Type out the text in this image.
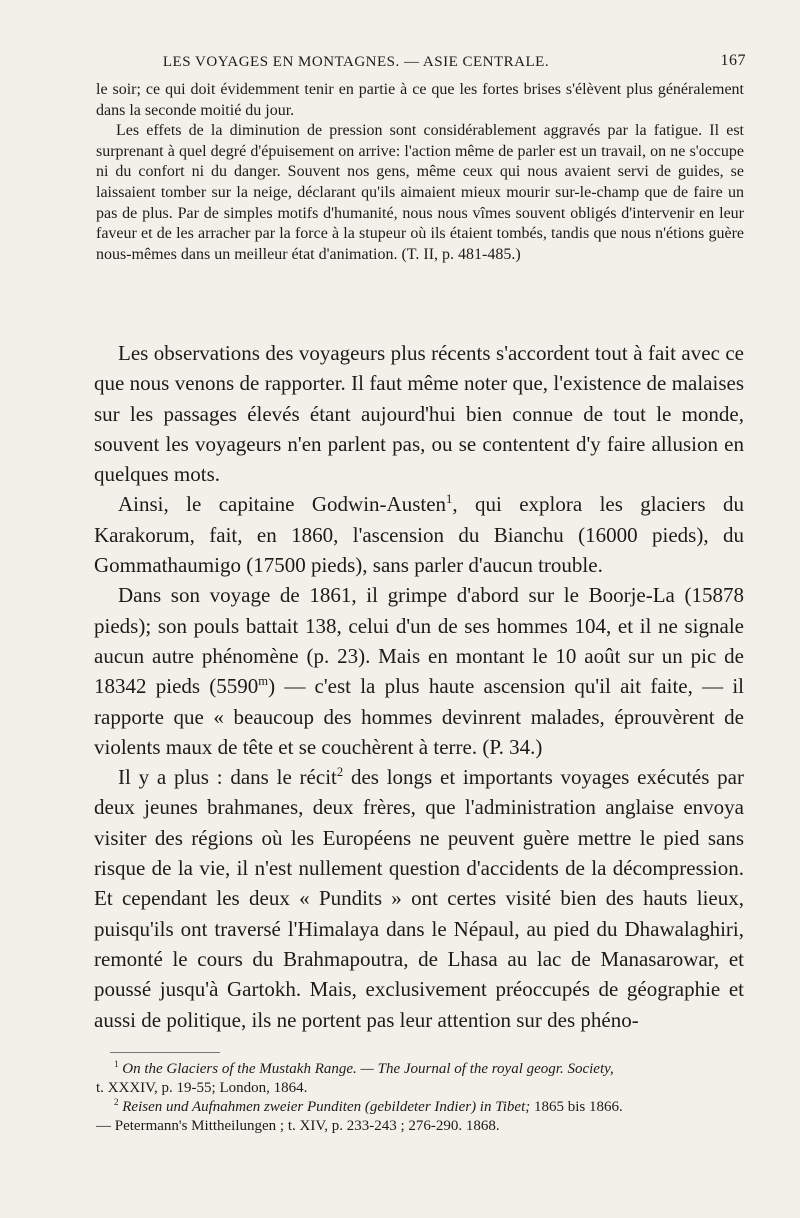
LES VOYAGES EN MONTAGNES. — ASIE CENTRALE.	167

le soir; ce qui doit évidemment tenir en partie à ce que les fortes brises s'élèvent plus généralement dans la seconde moitié du jour.

Les effets de la diminution de pression sont considérablement aggravés par la fatigue. Il est surprenant à quel degré d'épuisement on arrive: l'action même de parler est un travail, on ne s'occupe ni du confort ni du danger. Souvent nos gens, même ceux qui nous avaient servi de guides, se laissaient tomber sur la neige, déclarant qu'ils aimaient mieux mourir sur-le-champ que de faire un pas de plus. Par de simples motifs d'humanité, nous nous vîmes souvent obligés d'intervenir en leur faveur et de les arracher par la force à la stupeur où ils étaient tombés, tandis que nous n'étions guère nous-mêmes dans un meilleur état d'animation. (T. II, p. 481-485.)

Les observations des voyageurs plus récents s'accordent tout à fait avec ce que nous venons de rapporter. Il faut même noter que, l'existence de malaises sur les passages élevés étant aujourd'hui bien connue de tout le monde, souvent les voyageurs n'en parlent pas, ou se contentent d'y faire allusion en quelques mots.

Ainsi, le capitaine Godwin-Austen$^1$, qui explora les glaciers du Karakorum, fait, en 1860, l'ascension du Bianchu (16000 pieds), du Gommathaumigo (17500 pieds), sans parler d'aucun trouble.

Dans son voyage de 1861, il grimpe d'abord sur le Boorje-La (15878 pieds); son pouls battait 138, celui d'un de ses hommes 104, et il ne signale aucun autre phénomène (p. 23). Mais en montant le 10 août sur un pic de 18342 pieds (5590$^m$) — c'est la plus haute ascension qu'il ait faite, — il rapporte que « beaucoup des hommes devinrent malades, éprouvèrent de violents maux de tête et se couchèrent à terre. (P. 34.)

Il y a plus : dans le récit$^2$ des longs et importants voyages exécutés par deux jeunes brahmanes, deux frères, que l'administration anglaise envoya visiter des régions où les Européens ne peuvent guère mettre le pied sans risque de la vie, il n'est nullement question d'accidents de la décompression. Et cependant les deux « Pundits » ont certes visité bien des hauts lieux, puisqu'ils ont traversé l'Himalaya dans le Népaul, au pied du Dhawalaghiri, remonté le cours du Brahmapoutra, de Lhasa au lac de Manasarowar, et poussé jusqu'à Gartokh. Mais, exclusivement préoccupés de géographie et aussi de politique, ils ne portent pas leur attention sur des phéno-

$^1$ On the Glaciers of the Mustakh Range. — The Journal of the royal geogr. Society,
t. XXXIV, p. 19-55; London, 1864.

$^2$ Reisen und Aufnahmen zweier Punditen (gebildeter Indier) in Tibet; 1865 bis 1866.
— Petermann's Mittheilungen ; t. XIV, p. 233-243 ; 276-290. 1868.
